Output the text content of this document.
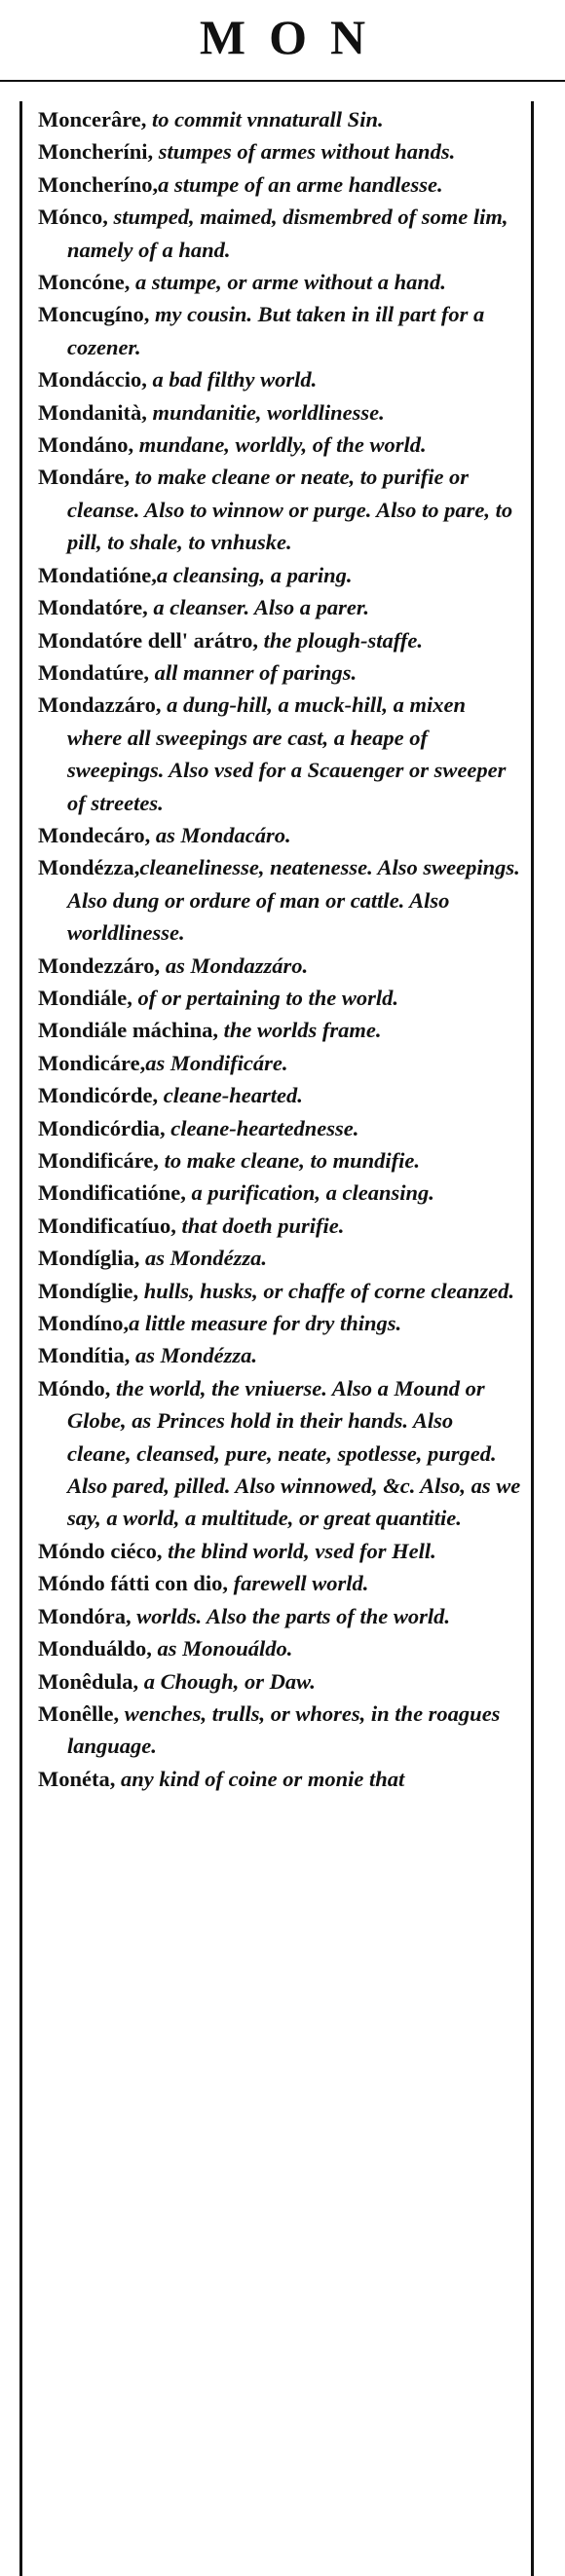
MON

Moncerâre, to commit vnnaturall Sin.

Moncheríni, stumpes of armes without hands.

Moncheríno,a stumpe of an arme handlesse.

Mónco, stumped, maimed, dismembred of some lim, namely of a hand.

Moncóne, a stumpe, or arme without a hand.

Moncugíno, my cousin. But taken in ill part for a cozener.

Mondáccio, a bad filthy world.

Mondanità, mundanitie, worldlinesse.

Mondáno, mundane, worldly, of the world.

Mondáre, to make cleane or neate, to purifie or cleanse. Also to winnow or purge. Also to pare, to pill, to shale, to vnhuske.

Mondatióne,a cleansing, a paring.

Mondatóre, a cleanser. Also a parer.

Mondatóre dell' arátro, the plough-staffe.

Mondatúre, all manner of parings.

Mondazzáro, a dung-hill, a muck-hill, a mixen where all sweepings are cast, a heape of sweepings. Also vsed for a Scauenger or sweeper of streetes.

Mondecáro, as Mondacáro.

Mondézza,cleanelinesse, neatenesse. Also sweepings. Also dung or ordure of man or cattle. Also worldlinesse.

Mondezzáro, as Mondazzáro.

Mondiále, of or pertaining to the world.

Mondiále máchina, the worlds frame.

Mondicáre,as Mondificáre.

Mondicórde, cleane-hearted.

Mondicórdia, cleane-heartednesse.

Mondificáre, to make cleane, to mundifie.

Mondificatióne, a purification, a cleansing.

Mondificatíuo, that doeth purifie.

Mondíglia, as Mondézza.

Mondíglie, hulls, husks, or chaffe of corne cleanzed.

Mondíno,a little measure for dry things.

Mondítia, as Mondézza.

Móndo, the world, the vniuerse. Also a Mound or Globe, as Princes hold in their hands. Also cleane, cleansed, pure, neate, spotlesse, purged. Also pared, pilled. Also winnowed, &c. Also, as we say, a world, a multitude, or great quantitie.

Móndo ciéco, the blind world, vsed for Hell.

Móndo fátti con dio, farewell world.

Mondóra, worlds. Also the parts of the world.

Monduáldo, as Monouáldo.

Monêdula, a Chough, or Daw.

Monêlle, wenches, trulls, or whores, in the roagues language.

Monéta, any kind of coine or monie that
